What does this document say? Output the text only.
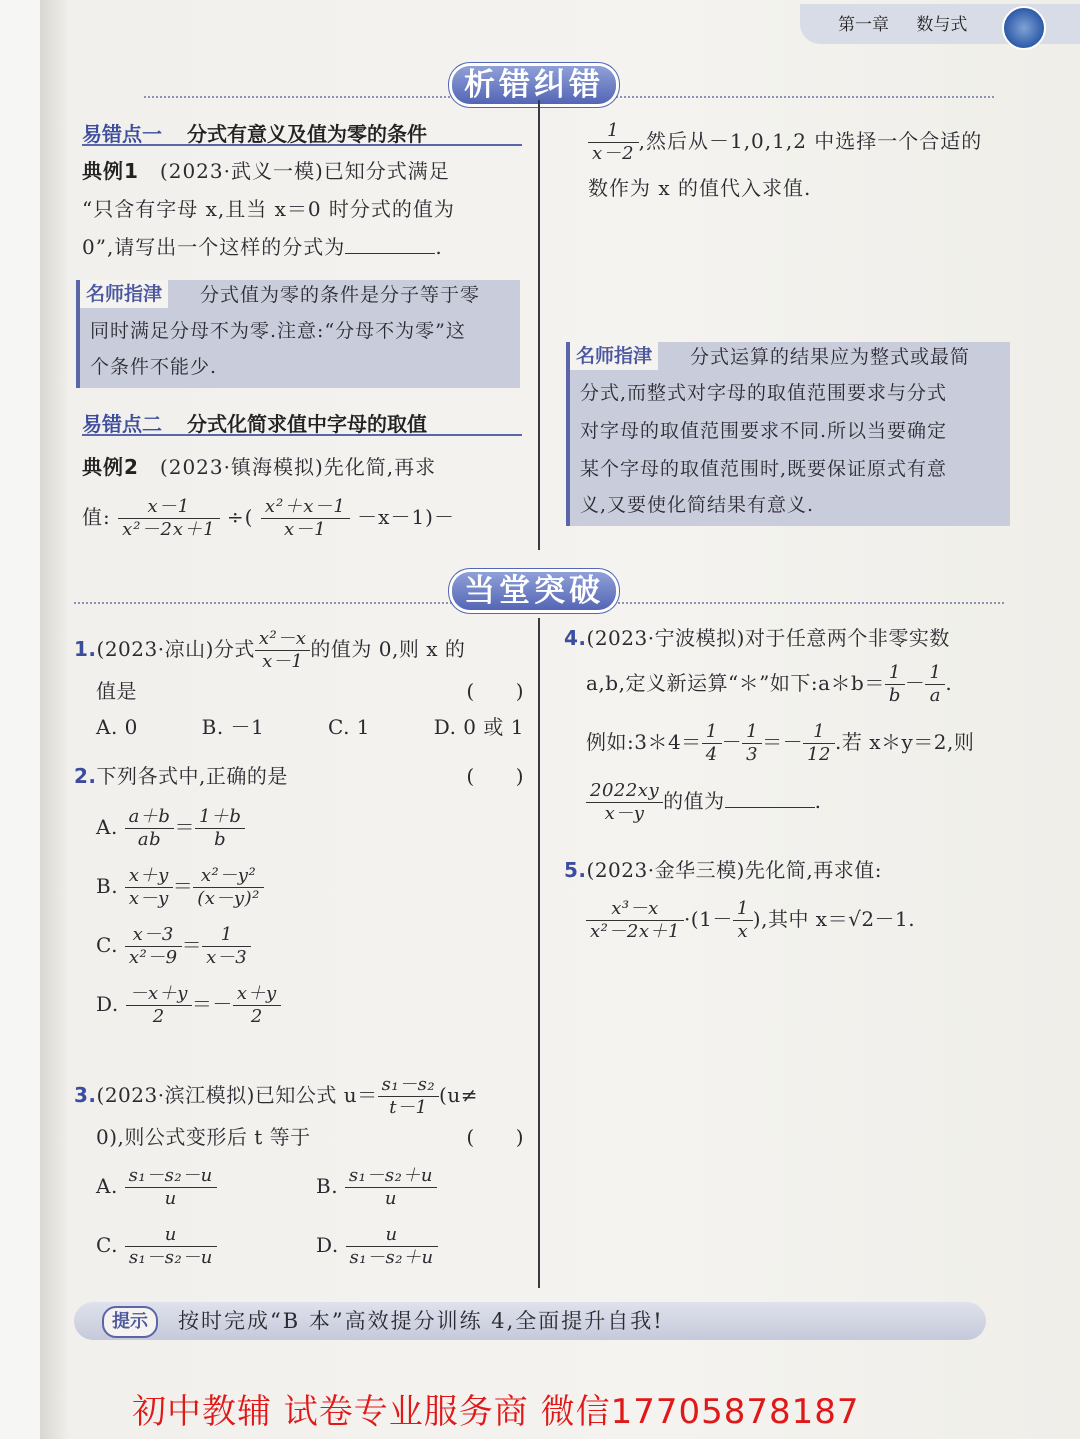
第一章 数与式
析错纠错
易错点一 分式有意义及值为零的条件
典例1　 (2023·武义一模)已知分式满足
“只含有字母 x,且当 x＝0 时分式的值为
0”,请写出一个这样的分式为	.
名师指津	分式值为零的条件是分子等于零
同时满足分母不为零.注意:“分母不为零”这
个条件不能少.
易错点二 分式化简求值中字母的取值
典例2　 (2023·镇海模拟)先化简,再求
值: $\frac{x-1}{\text{x²－2x＋1}}$ ÷( $\frac{\text{x²＋x－1}}{x-1} -x-1)-$
$\frac{1}{x-2}$ ,然后从－1,0,1,2 中选择一个合适的
数作为 x 的值代入求值.
名师指津	分式运算的结果应为整式或最简
分式,而整式对字母的取值范围要求与分式
对字母的取值范围要求不同.所以当要确定
某个字母的取值范围时,既要保证原式有意
义,又要使化简结果有意义.
当堂突破
1.(2023·凉山)分式 $\frac{\text{x²－x}}{x-1}$ 的值为 0,则 x 的
值是	(　　)
A. 0	B. －1	C. 1	D. 0 或 1
2.下列各式中,正确的是	(　　)
A. $\frac{a+b}{ab} = \frac{1+b}{b}$
B. $\frac{x+y}{x-y} = \frac{\text{x²－y²}}{\text{(x－y)²}}$
C. $\frac{x-3}{\text{x²－9}} = \frac{1}{x-3}$
D. $\frac{-x+y}{2} =- \frac{x+y}{2}$
3.(2023·滨江模拟)已知公式 $u= \frac{\text{s₁－s₂}}{t-1} (u\ne$
0),则公式变形后 t 等于	(　　)
A. $\frac{\text{s₁－s₂－u}}{u}$	B. $\frac{\text{s₁－s₂＋u}}{u}$
C. $\frac{u}{\text{s₁－s₂－u}}$	D. $\frac{u}{\text{s₁－s₂＋u}}$
4.(2023·宁波模拟)对于任意两个非零实数
a,b,定义新运算“＊”如下:a＊b＝ $\frac{1}{b} - \frac{1}{a}$ .
例如:3＊4＝ $\frac{1}{4} - \frac{1}{3} =- \frac{1}{12}$ .若 x＊y＝2,则
$\frac{2022xy}{x-y}$ 的值为	.
5.(2023·金华三模)先化简,再求值:
$\frac{\text{x³－x}}{\text{x²－2x＋1}} \cdot(1- \frac{1}{x}$ ),其中 x＝√2－1.
提示	按时完成“B 本”高效提分训练 4,全面提升自我!
初中教辅 试卷专业服务商 微信17705878187
